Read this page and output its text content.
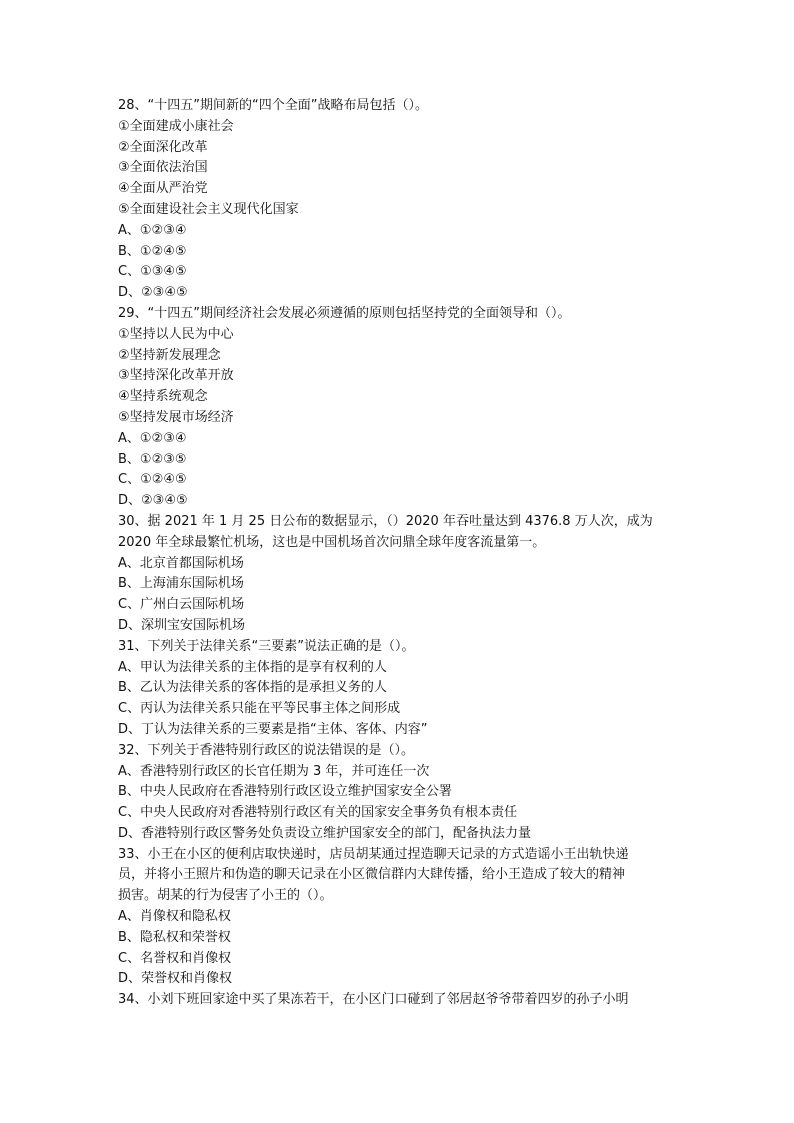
28、“十四五”期间新的“四个全面”战略布局包括（）。
①全面建成小康社会
②全面深化改革
③全面依法治国
④全面从严治党
⑤全面建设社会主义现代化国家
A、①②③④
B、①②④⑤
C、①③④⑤
D、②③④⑤
29、“十四五”期间经济社会发展必须遵循的原则包括坚持党的全面领导和（）。
①坚持以人民为中心
②坚持新发展理念
③坚持深化改革开放
④坚持系统观念
⑤坚持发展市场经济
A、①②③④
B、①②③⑤
C、①②④⑤
D、②③④⑤
30、据 2021 年 1 月 25 日公布的数据显示，（）2020 年吞吐量达到 4376.8 万人次，成为
2020 年全球最繁忙机场，这也是中国机场首次问鼎全球年度客流量第一。
A、北京首都国际机场
B、上海浦东国际机场
C、广州白云国际机场
D、深圳宝安国际机场
31、下列关于法律关系“三要素”说法正确的是（）。
A、甲认为法律关系的主体指的是享有权利的人
B、乙认为法律关系的客体指的是承担义务的人
C、丙认为法律关系只能在平等民事主体之间形成
D、丁认为法律关系的三要素是指“主体、客体、内容”
32、下列关于香港特别行政区的说法错误的是（）。
A、香港特别行政区的长官任期为 3 年，并可连任一次
B、中央人民政府在香港特别行政区设立维护国家安全公署
C、中央人民政府对香港特别行政区有关的国家安全事务负有根本责任
D、香港特别行政区警务处负责设立维护国家安全的部门，配备执法力量
33、小王在小区的便利店取快递时，店员胡某通过捏造聊天记录的方式造谣小王出轨快递
员，并将小王照片和伪造的聊天记录在小区微信群内大肆传播，给小王造成了较大的精神
损害。胡某的行为侵害了小王的（）。
A、肖像权和隐私权
B、隐私权和荣誉权
C、名誉权和肖像权
D、荣誉权和肖像权
34、小刘下班回家途中买了果冻若干，在小区门口碰到了邻居赵爷爷带着四岁的孙子小明
